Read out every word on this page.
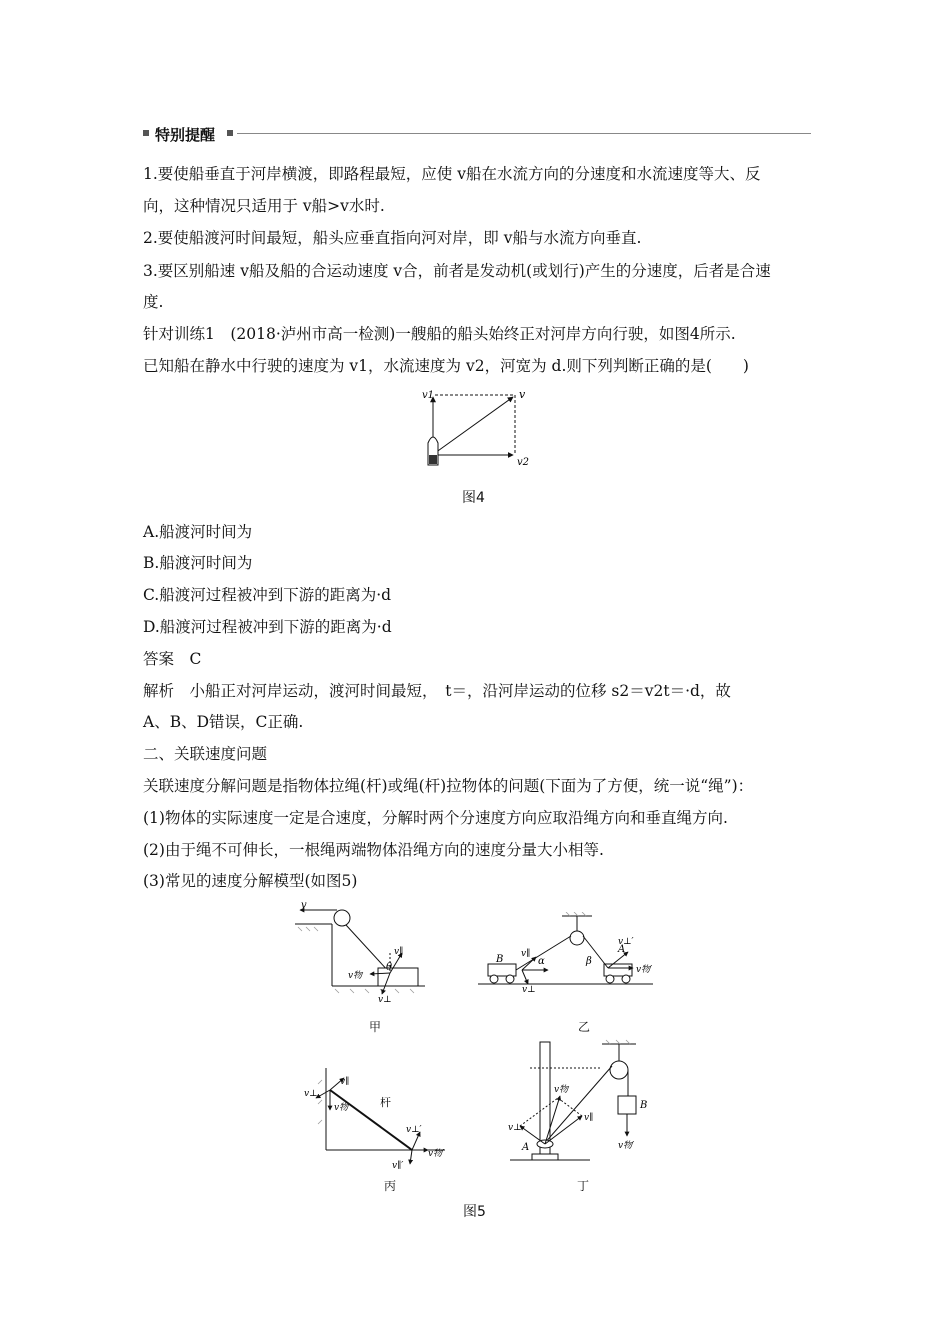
特别提醒
1.要使船垂直于河岸横渡，即路程最短，应使 v船在水流方向的分速度和水流速度等大、反
向，这种情况只适用于 v船>v水时.
2.要使船渡河时间最短，船头应垂直指向河对岸，即 v船与水流方向垂直.
3.要区别船速 v船及船的合运动速度 v合，前者是发动机(或划行)产生的分速度，后者是合速
度.
针对训练1　(2018·泸州市高一检测)一艘船的船头始终正对河岸方向行驶，如图4所示.
已知船在静水中行驶的速度为 v1，水流速度为 v2，河宽为 d.则下列判断正确的是(　　)
v1	v
v2
图4
A.船渡河时间为
B.船渡河时间为
C.船渡河过程被冲到下游的距离为·d
D.船渡河过程被冲到下游的距离为·d
答案　C
解析　小船正对河岸运动，渡河时间最短，　t＝，沿河岸运动的位移 s2＝v2t＝·d，故
A、B、D错误，C正确.
二、关联速度问题
关联速度分解问题是指物体拉绳(杆)或绳(杆)拉物体的问题(下面为了方便，统一说“绳”)：
(1)物体的实际速度一定是合速度，分解时两个分速度方向应取沿绳方向和垂直绳方向.
(2)由于绳不可伸长，一根绳两端物体沿绳方向的速度分量大小相等.
(3)常见的速度分解模型(如图5)
v
v∥
v物
θ
v⊥
甲
B v∥
α
v⊥
β
A
v⊥′
v物′
乙
v⊥
v∥
v物	杆
v⊥′
v物′
v∥′
丙
v物
v⊥
v∥
A
B
v物′
丁
图5
